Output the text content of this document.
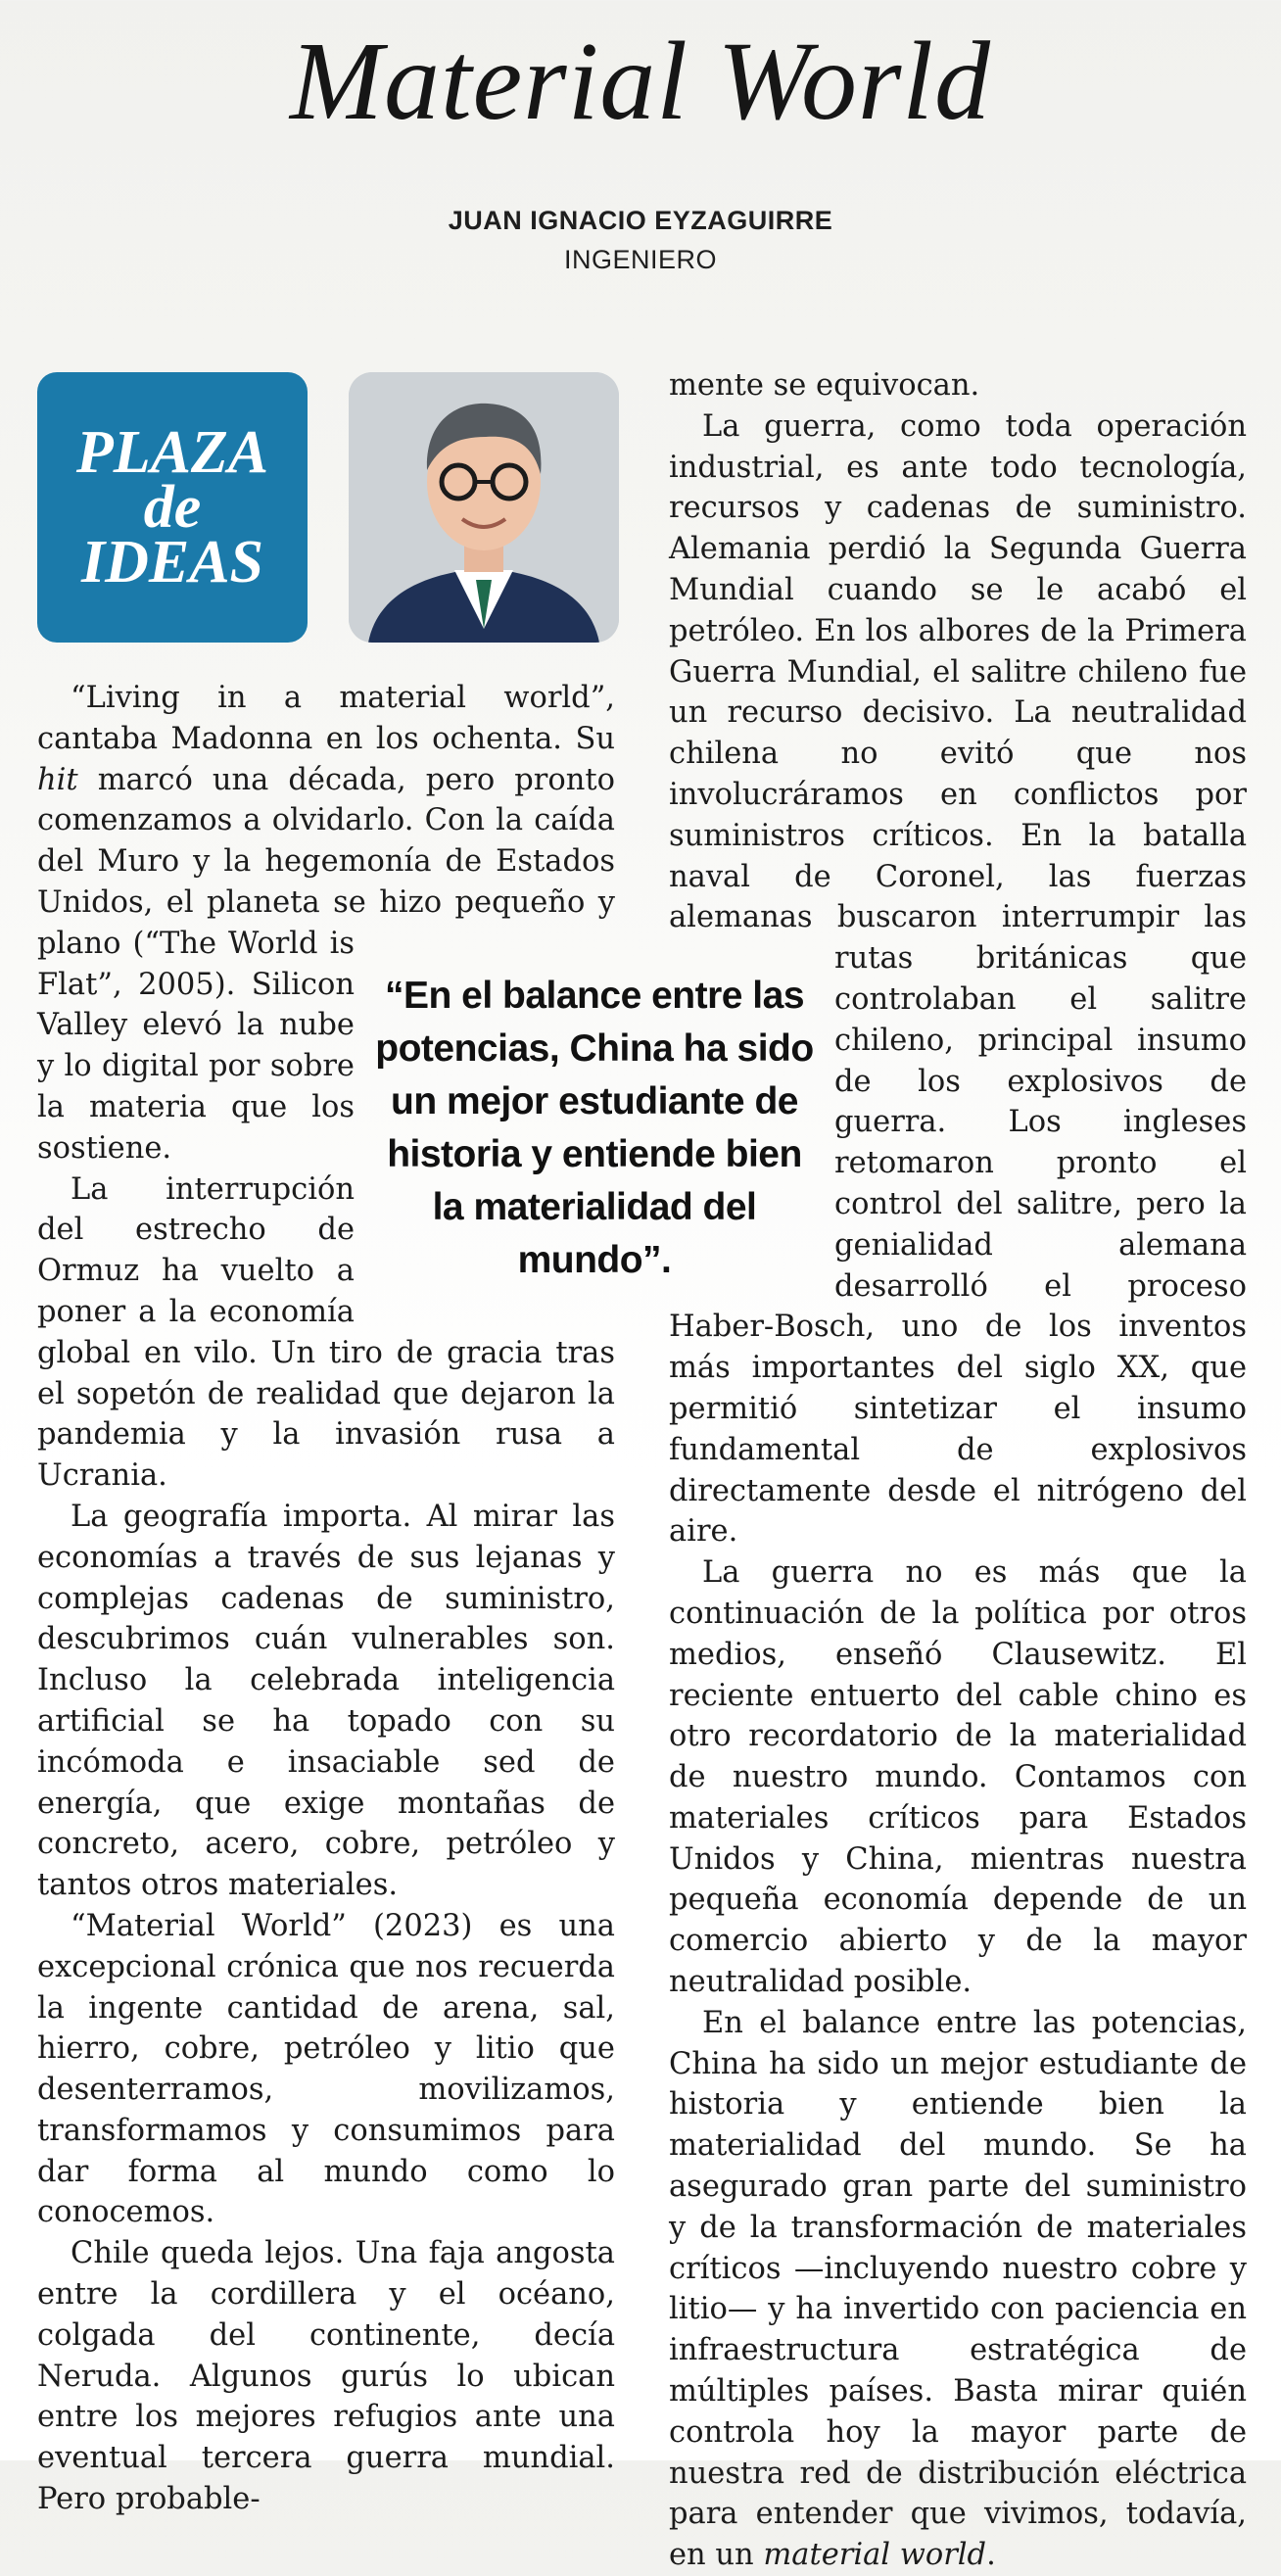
Material World
JUAN IGNACIO EYZAGUIRRE
INGENIERO
PLAZA
de
IDEAS
“En el balance entre las potencias, China ha sido un mejor estudiante de historia y entiende bien la materialidad del mundo”.

“Living in a material world”, cantaba Madonna en los ochenta. Su hit marcó una década, pero pronto comenzamos a olvidarlo. Con la caída del Muro y la hegemonía de Estados Unidos, el planeta se hizo pequeño y plano (“The World is Flat”, 2005). Silicon Valley elevó la nube y lo digital por sobre la materia que los sostiene.

La interrupción del estrecho de Ormuz ha vuelto a poner a la economía global en vilo. Un tiro de gracia tras el sopetón de realidad que dejaron la pandemia y la invasión rusa a Ucrania.

La geografía importa. Al mirar las economías a través de sus lejanas y complejas cadenas de suministro, descubrimos cuán vulnerables son. Incluso la celebrada inteligencia artificial se ha topado con su incómoda e insaciable sed de energía, que exige montañas de concreto, acero, cobre, petróleo y tantos otros materiales.

“Material World” (2023) es una excepcional crónica que nos recuerda la ingente cantidad de arena, sal, hierro, cobre, petróleo y litio que desenterramos, movilizamos, transformamos y consumimos para dar forma al mundo como lo conocemos.

Chile queda lejos. Una faja angosta entre la cordillera y el océano, colgada del continente, decía Neruda. Algunos gurús lo ubican entre los mejores refugios ante una eventual tercera guerra mundial. Pero probable-

mente se equivocan.

La guerra, como toda operación industrial, es ante todo tecnología, recursos y cadenas de suministro. Alemania perdió la Segunda Guerra Mundial cuando se le acabó el petróleo. En los albores de la Primera Guerra Mundial, el salitre chileno fue un recurso decisivo. La neutralidad chilena no evitó que nos involucráramos en conflictos por suministros críticos. En la batalla naval de Coronel, las fuerzas alemanas buscaron interrumpir las rutas británicas que controlaban el salitre chileno, principal insumo de los explosivos de guerra. Los ingleses retomaron pronto el control del salitre, pero la genialidad alemana desarrolló el proceso Haber-Bosch, uno de los inventos más importantes del siglo XX, que permitió sintetizar el insumo fundamental de explosivos directamente desde el nitrógeno del aire.

La guerra no es más que la continuación de la política por otros medios, enseñó Clausewitz. El reciente entuerto del cable chino es otro recordatorio de la materialidad de nuestro mundo. Contamos con materiales críticos para Estados Unidos y China, mientras nuestra pequeña economía depende de un comercio abierto y de la mayor neutralidad posible.

En el balance entre las potencias, China ha sido un mejor estudiante de historia y entiende bien la materialidad del mundo. Se ha asegurado gran parte del suministro y de la transformación de materiales críticos —incluyendo nuestro cobre y litio— y ha invertido con paciencia en infraestructura estratégica de múltiples países. Basta mirar quién controla hoy la mayor parte de nuestra red de distribución eléctrica para entender que vivimos, todavía, en un material world.
